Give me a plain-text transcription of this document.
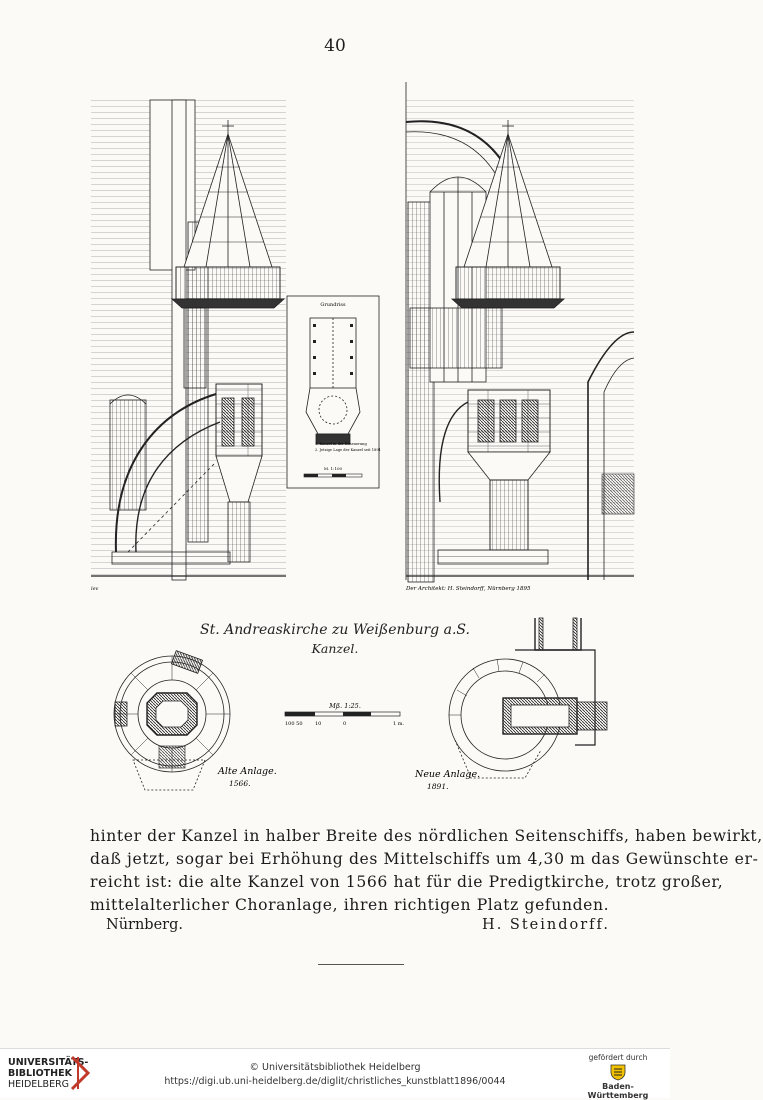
40
Grundriss
1. Kanzel in der Erneuerung
2. Jetzige Lage der Kanzel seit 1891
M. 1:100
lev	Der Architekt: H. Steindorff, Nürnberg 1895
St. Andreaskirche zu Weißenburg a.S.
Kanzel.
Alte Anlage.
1566.
Mß. 1:25.
100 50	10	0	1 m.
Neue Anlage.
1891.
hinter der Kanzel in halber Breite des nördlichen Seitenschiffs, haben bewirkt,
daß jetzt, sogar bei Erhöhung des Mittelschiffs um 4,30 m das Gewünschte er-
reicht ist: die alte Kanzel von 1566 hat für die Predigtkirche, trotz großer,
mittelalterlicher Choranlage, ihren richtigen Platz gefunden.
Nürnberg.	H. Steindorff.
UNIVERSITÄTS-
BIBLIOTHEK
HEIDELBERG
© Universitätsbibliothek Heidelberg
https://digi.ub.uni-heidelberg.de/diglit/christliches_kunstblatt1896/0044
gefördert durch
Baden-Württemberg
